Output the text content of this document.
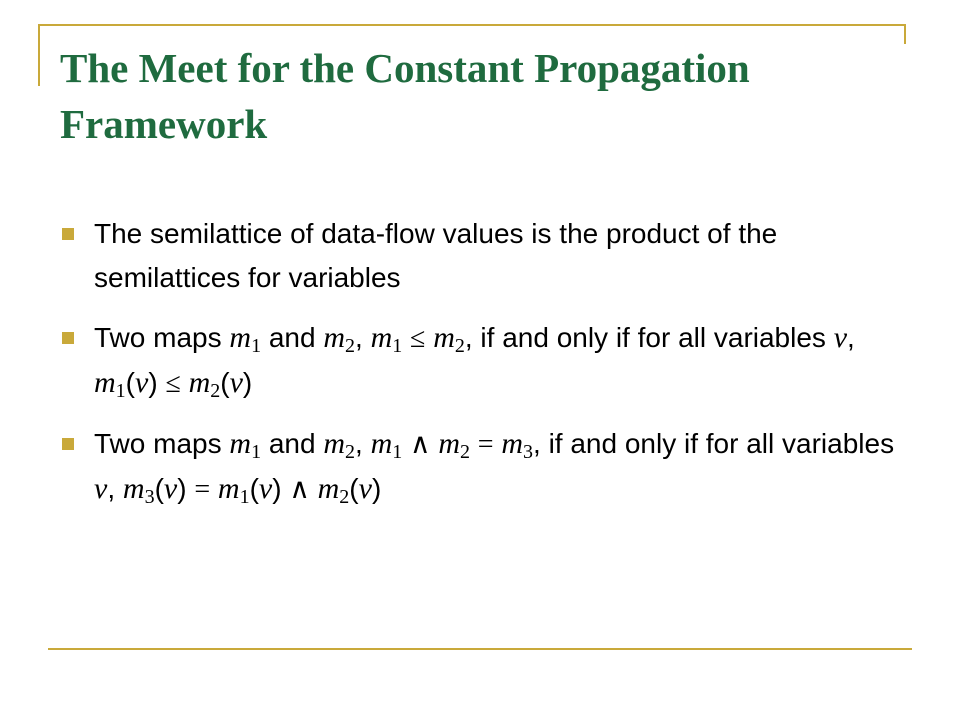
The Meet for the Constant Propagation Framework
The semilattice of data-flow values is the product of the semilattices for variables
Two maps $m_1$ and $m_2$, $m_1 \le m_2$, if and only if for all variables v, $m_1(v) \le m_2(v)$
Two maps $m_1$ and $m_2$, $m_1$ ∧ $m_2 = m_3$, if and only if for all variables v, $m_3(v) = m_1(v)$ ∧ $m_2(v)$
